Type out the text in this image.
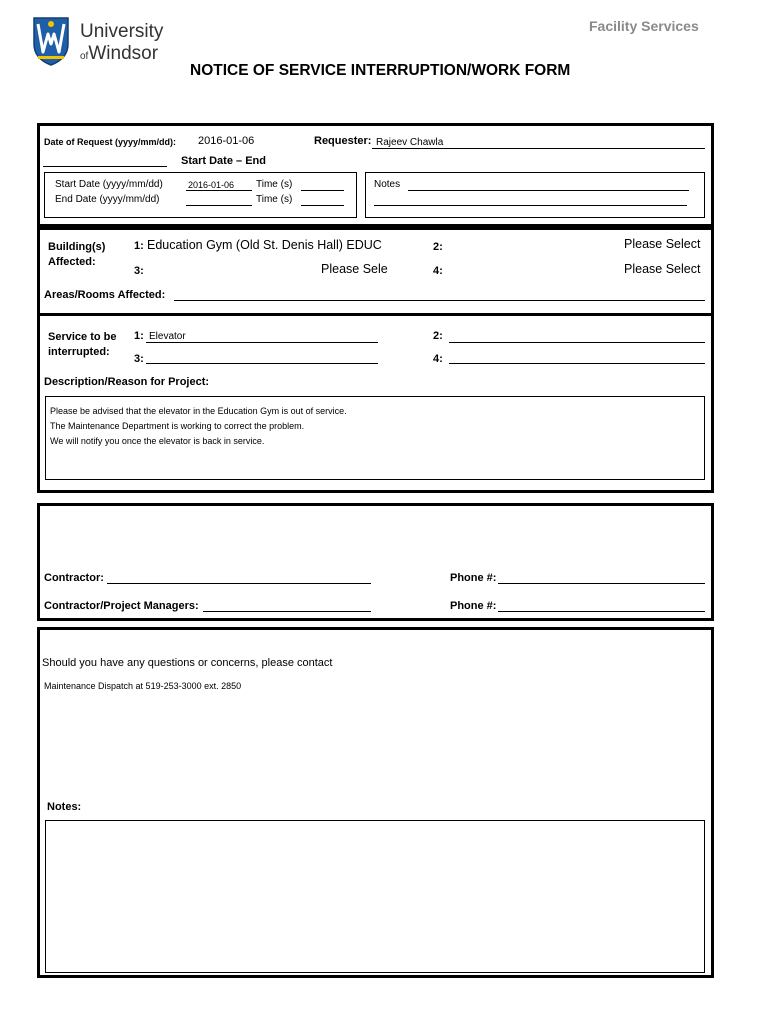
University
ofWindsor
Facility Services
NOTICE OF SERVICE INTERRUPTION/WORK FORM
Date of Request (yyyy/mm/dd): 2016-01-06	Requester: Rajeev Chawla
Start Date – End
Start Date (yyyy/mm/dd)	2016-01-06 Time (s)
End Date (yyyy/mm/dd)	Time (s)
Notes
Building(s)
Affected:
1: Education Gym (Old St. Denis Hall) EDUC	2:	Please Select
3:	Please Sele	4:	Please Select
Areas/Rooms Affected:
Service to be
interrupted:
1: Elevator	2:
3:	4:
Description/Reason for Project:
Please be advised that the elevator in the Education Gym is out of service.
The Maintenance Department is working to correct the problem.
We will notify you once the elevator is back in service.
Contractor:	Phone #:
Contractor/Project Managers:	Phone #:
Should you have any questions or concerns, please contact
Maintenance Dispatch at 519-253-3000 ext. 2850
Notes:
